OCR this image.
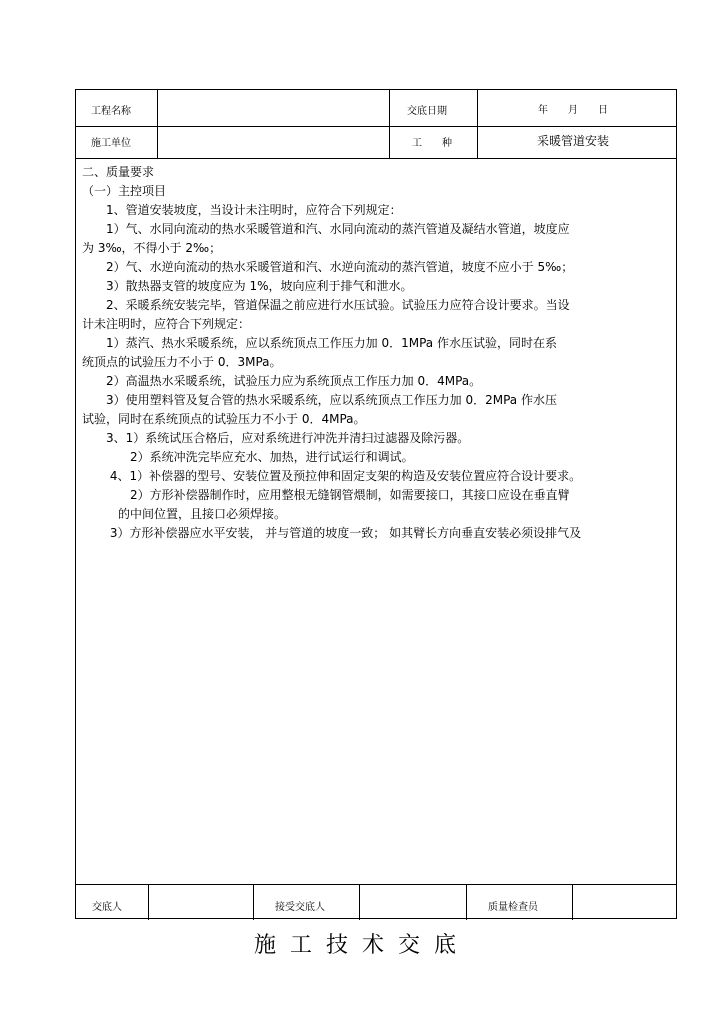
工程名称	交底日期	年　　月　　日
施工单位	工　　种	采暖管道安装
二、质量要求
（一）主控项目
　　1、管道安装坡度，当设计未注明时，应符合下列规定：
　　1）气、水同向流动的热水采暖管道和汽、水同向流动的蒸汽管道及凝结水管道，坡度应
为 3‰，不得小于 2‰；
　　2）气、水逆向流动的热水采暖管道和汽、水逆向流动的蒸汽管道，坡度不应小于 5‰；
　　3）散热器支管的坡度应为 1%，坡向应利于排气和泄水。
　　2、采暖系统安装完毕，管道保温之前应进行水压试验。试验压力应符合设计要求。当设
计未注明时，应符合下列规定：
　　1）蒸汽、热水采暖系统，应以系统顶点工作压力加 0．1MPa 作水压试验，同时在系
统顶点的试验压力不小于 0．3MPa。
　　2）高温热水采暖系统，试验压力应为系统顶点工作压力加 0．4MPa。
　　3）使用塑料管及复合管的热水采暖系统，应以系统顶点工作压力加 0．2MPa 作水压
试验，同时在系统顶点的试验压力不小于 0．4MPa。
　　3、1）系统试压合格后，应对系统进行冲洗并清扫过滤器及除污器。
　　　　2）系统冲洗完毕应充水、加热，进行试运行和调试。
　　 4、1）补偿器的型号、安装位置及预拉伸和固定支架的构造及安装位置应符合设计要求。
　　　　2）方形补偿器制作时，应用整根无缝钢管煨制，如需要接口，其接口应设在垂直臂
　　　的中间位置，且接口必须焊接。
　　 3）方形补偿器应水平安装， 并与管道的坡度一致； 如其臂长方向垂直安装必须设排气及
交底人	接受交底人	质量检查员
施工技术交底
